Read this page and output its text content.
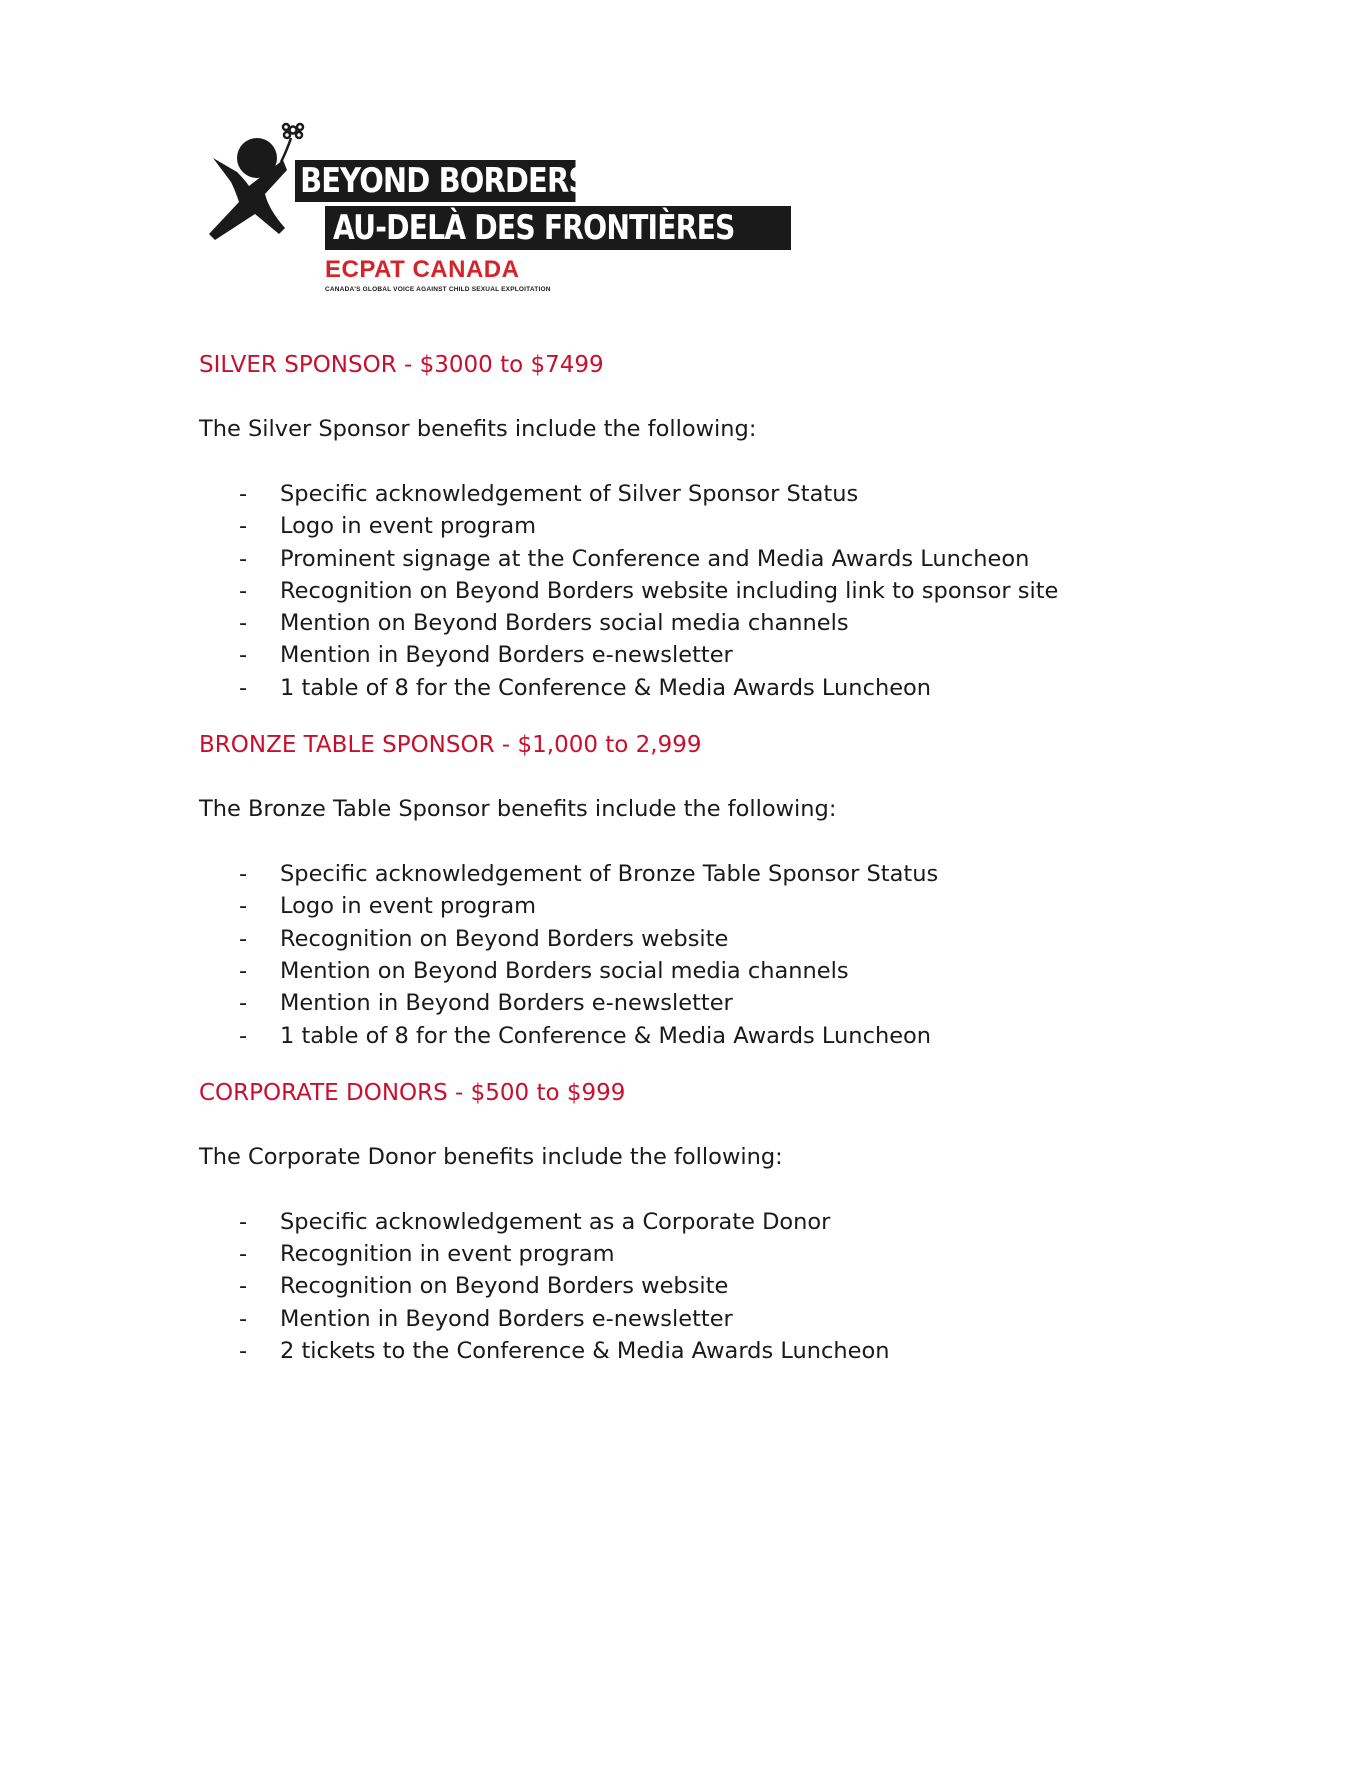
BEYOND BORDERS
AU-DELÀ DES FRONTIÈRES
ECPAT CANADA
CANADA'S GLOBAL VOICE AGAINST CHILD SEXUAL EXPLOITATION
SILVER SPONSOR - $3000 to $7499

The Silver Sponsor benefits include the following:

- Specific acknowledgement of Silver Sponsor Status
- Logo in event program
- Prominent signage at the Conference and Media Awards Luncheon
- Recognition on Beyond Borders website including link to sponsor site
- Mention on Beyond Borders social media channels
- Mention in Beyond Borders e-newsletter
- 1 table of 8 for the Conference & Media Awards Luncheon
BRONZE TABLE SPONSOR - $1,000 to 2,999

The Bronze Table Sponsor benefits include the following:

- Specific acknowledgement of Bronze Table Sponsor Status
- Logo in event program
- Recognition on Beyond Borders website
- Mention on Beyond Borders social media channels
- Mention in Beyond Borders e-newsletter
- 1 table of 8 for the Conference & Media Awards Luncheon
CORPORATE DONORS - $500 to $999

The Corporate Donor benefits include the following:

- Specific acknowledgement as a Corporate Donor
- Recognition in event program
- Recognition on Beyond Borders website
- Mention in Beyond Borders e-newsletter
- 2 tickets to the Conference & Media Awards Luncheon
